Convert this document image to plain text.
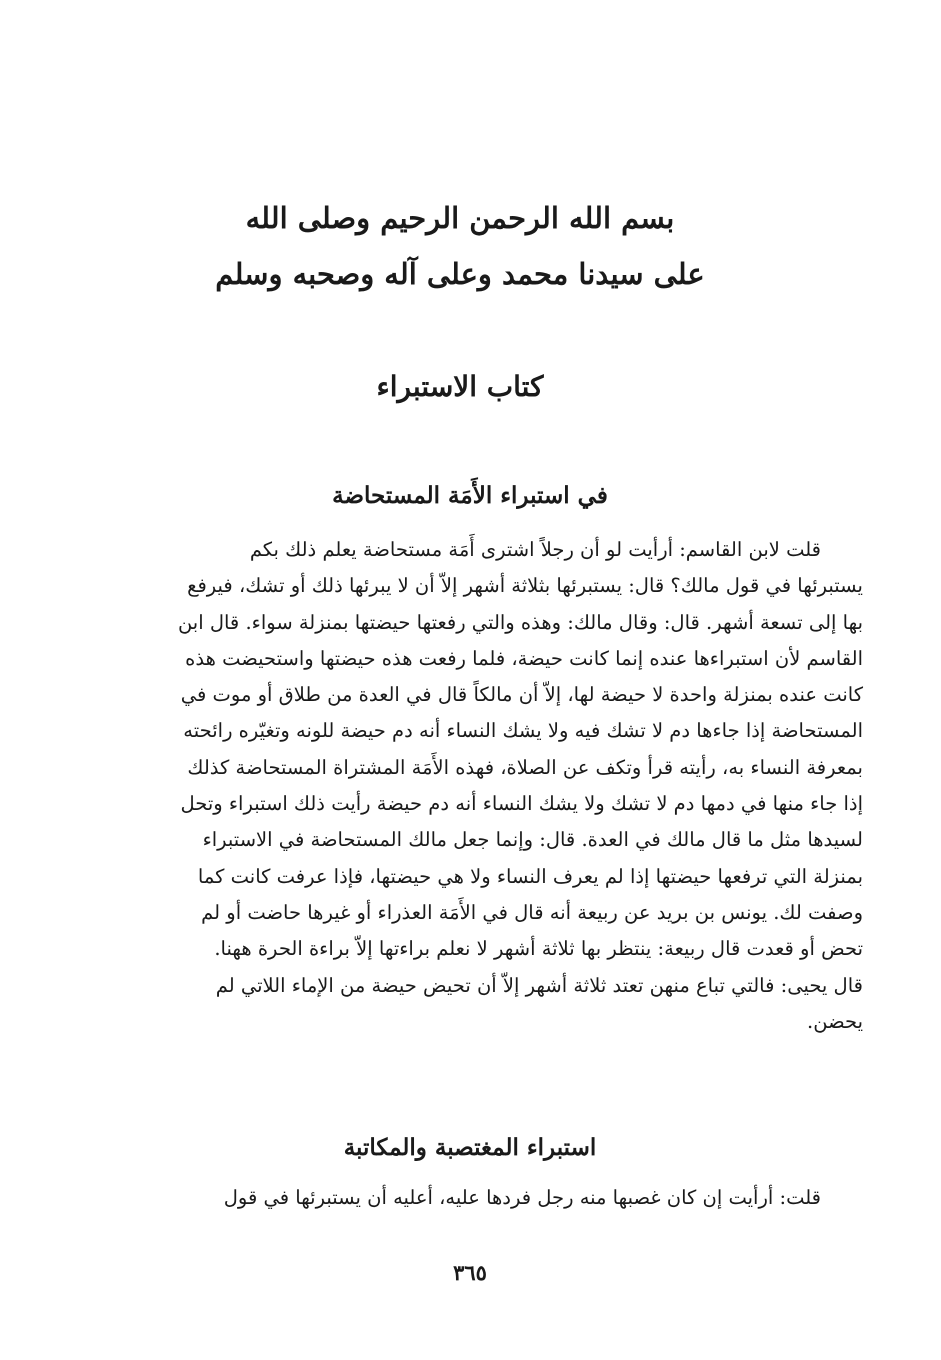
بسم الله الرحمن الرحيم وصلى الله
على سيدنا محمد وعلى آله وصحبه وسلم
كتاب الاستبراء
في استبراء الأَمَة المستحاضة
قلت لابن القاسم: أرأيت لو أن رجلاً اشترى أَمَة مستحاضة يعلم ذلك بكم
يستبرئها في قول مالك؟ قال: يستبرئها بثلاثة أشهر إلاّ أن لا يبرئها ذلك أو تشك، فيرفع
بها إلى تسعة أشهر. قال: وقال مالك: وهذه والتي رفعتها حيضتها بمنزلة سواء. قال ابن
القاسم لأن استبراءها عنده إنما كانت حيضة، فلما رفعت هذه حيضتها واستحيضت هذه
كانت عنده بمنزلة واحدة لا حيضة لها، إلاّ أن مالكاً قال في العدة من طلاق أو موت في
المستحاضة إذا جاءها دم لا تشك فيه ولا يشك النساء أنه دم حيضة للونه وتغيّره رائحته
بمعرفة النساء به، رأيته قرأ وتكف عن الصلاة، فهذه الأَمَة المشتراة المستحاضة كذلك
إذا جاء منها في دمها دم لا تشك ولا يشك النساء أنه دم حيضة رأيت ذلك استبراء وتحل
لسيدها مثل ما قال مالك في العدة. قال: وإنما جعل مالك المستحاضة في الاستبراء
بمنزلة التي ترفعها حيضتها إذا لم يعرف النساء ولا هي حيضتها، فإذا عرفت كانت كما
وصفت لك. يونس بن بريد عن ربيعة أنه قال في الأَمَة العذراء أو غيرها حاضت أو لم
تحض أو قعدت قال ربيعة: ينتظر بها ثلاثة أشهر لا نعلم براءتها إلاّ براءة الحرة ههنا.
قال يحيى: فالتي تباع منهن تعتد ثلاثة أشهر إلاّ أن تحيض حيضة من الإماء اللاتي لم
يحضن.
استبراء المغتصبة والمكاتبة
قلت: أرأيت إن كان غصبها منه رجل فردها عليه، أعليه أن يستبرئها في قول
٣٦٥
